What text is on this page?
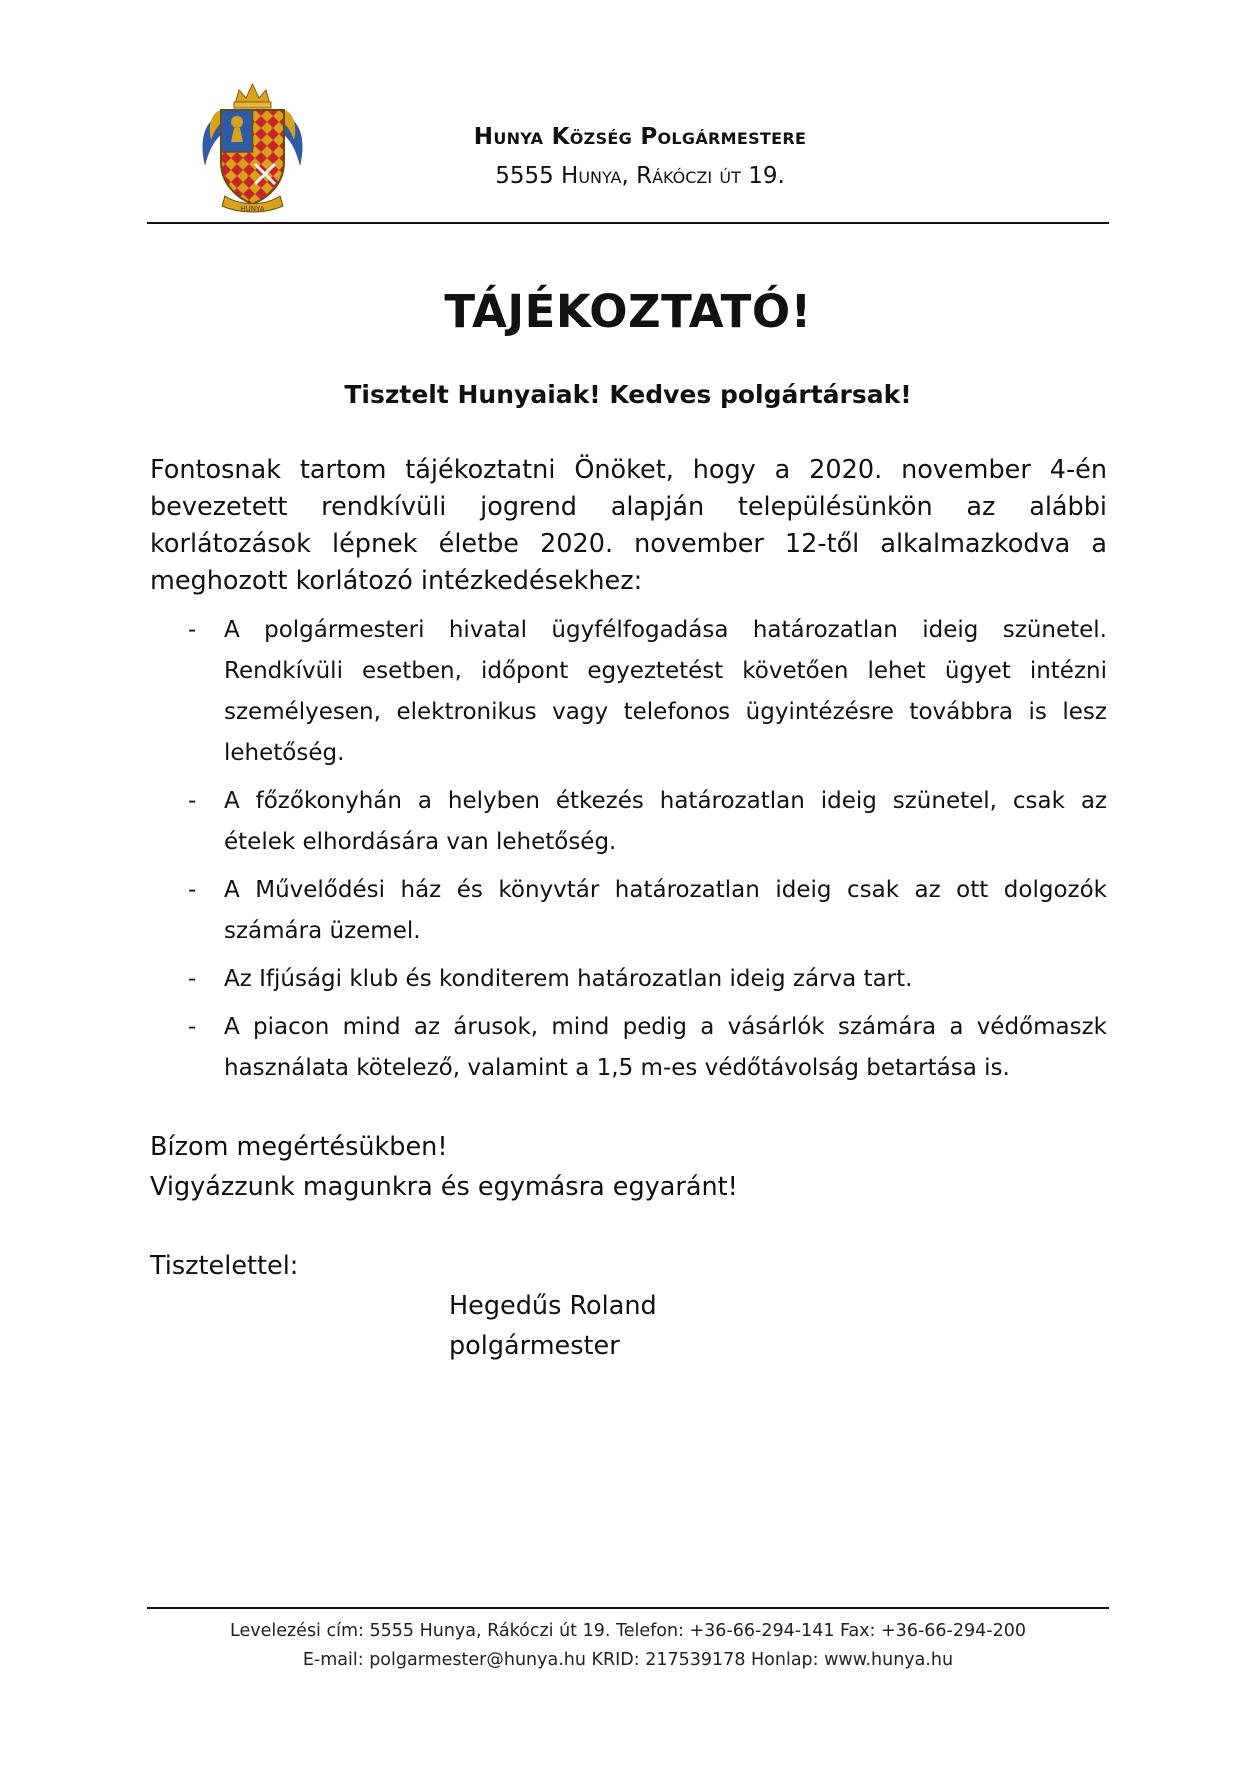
HUNYA
Hunya Község Polgármestere
5555 Hunya, Rákóczi út 19.
TÁJÉKOZTATÓ!
Tisztelt Hunyaiak! Kedves polgártársak!
Fontosnak tartom tájékoztatni Önöket, hogy a 2020. november 4-én bevezetett rendkívüli jogrend alapján településünkön az alábbi korlátozások lépnek életbe 2020. november 12-től alkalmazkodva a meghozott korlátozó intézkedésekhez:
- A polgármesteri hivatal ügyfélfogadása határozatlan ideig szünetel. Rendkívüli esetben, időpont egyeztetést követően lehet ügyet intézni személyesen, elektronikus vagy telefonos ügyintézésre továbbra is lesz lehetőség.
- A főzőkonyhán a helyben étkezés határozatlan ideig szünetel, csak az ételek elhordására van lehetőség.
- A Művelődési ház és könyvtár határozatlan ideig csak az ott dolgozók számára üzemel.
- Az Ifjúsági klub és konditerem határozatlan ideig zárva tart.
- A piacon mind az árusok, mind pedig a vásárlók számára a védőmaszk használata kötelező, valamint a 1,5 m-es védőtávolság betartása is.
Bízom megértésükben!
Vigyázzunk magunkra és egymásra egyaránt!
Tisztelettel:
Hegedűs Roland
polgármester
Levelezési cím: 5555 Hunya, Rákóczi út 19. Telefon: +36-66-294-141 Fax: +36-66-294-200
E-mail: polgarmester@hunya.hu KRID: 217539178 Honlap: www.hunya.hu
